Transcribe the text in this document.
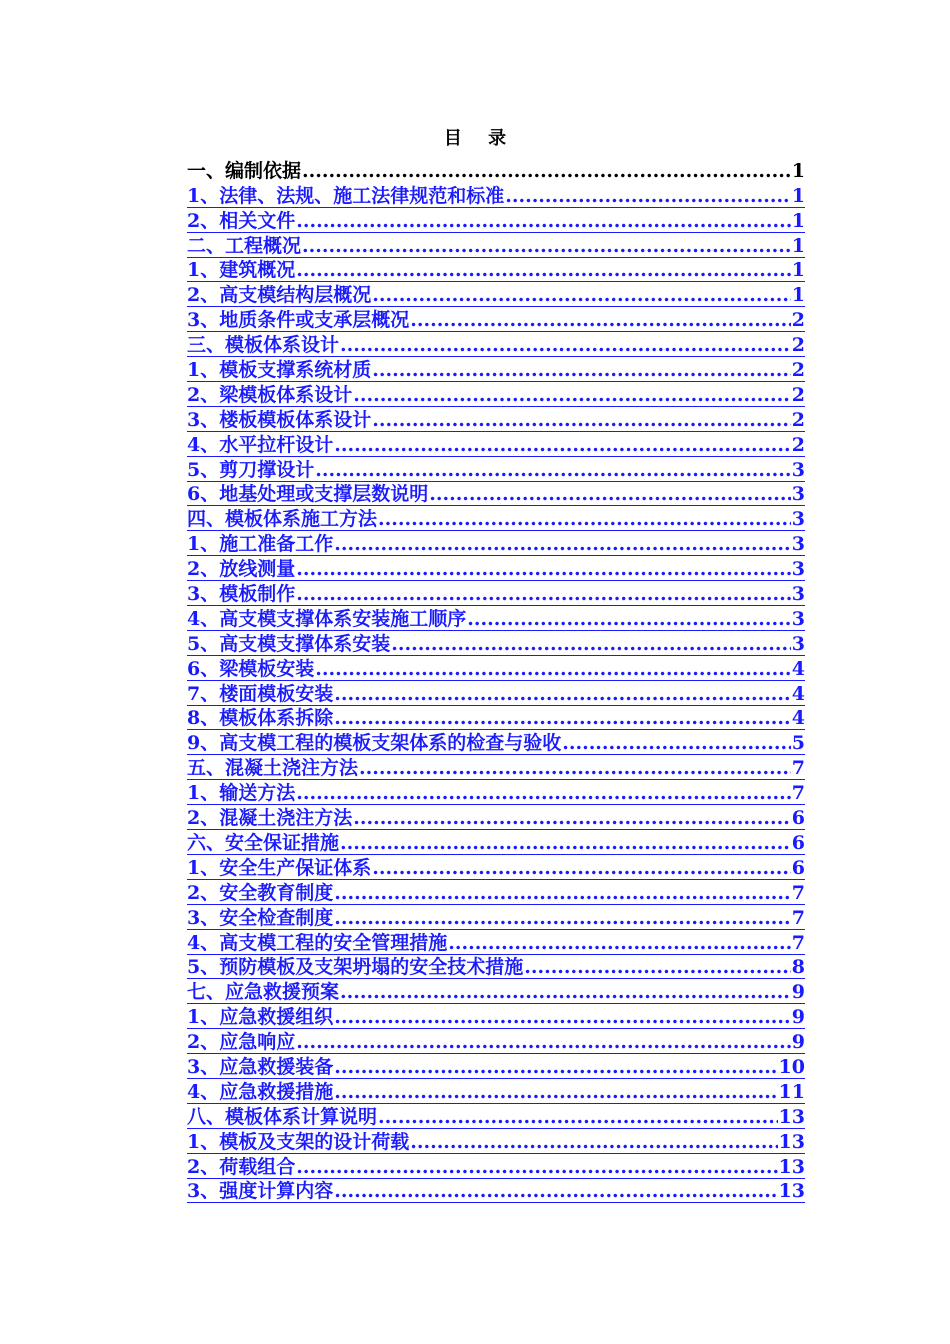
目 录
一、编制依据 .....	1
1、法律、法规、施工法律规范和标准 .....	1
2、相关文件 .....	1
二、工程概况 .....	1
1、建筑概况 .....	1
2、高支模结构层概况 .....	1
3、地质条件或支承层概况 .....	2
三、模板体系设计 .....	2
1、模板支撑系统材质 .....	2
2、梁模板体系设计 .....	2
3、楼板模板体系设计 .....	2
4、水平拉杆设计 .....	2
5、剪刀撑设计 .....	3
6、地基处理或支撑层数说明 .....	3
四、模板体系施工方法 .....	3
1、施工准备工作 .....	3
2、放线测量 .....	3
3、模板制作 .....	3
4、高支模支撑体系安装施工顺序 .....	3
5、高支模支撑体系安装 .....	3
6、梁模板安装 .....	4
7、楼面模板安装 .....	4
8、模板体系拆除 .....	4
9、高支模工程的模板支架体系的检查与验收 .....	5
五、混凝土浇注方法 .....	7
1、输送方法 .....	7
2、混凝土浇注方法 .....	6
六、安全保证措施 .....	6
1、安全生产保证体系 .....	6
2、安全教育制度 .....	7
3、安全检查制度 .....	7
4、高支模工程的安全管理措施 .....	7
5、预防模板及支架坍塌的安全技术措施 .....	8
七、应急救援预案 .....	9
1、应急救援组织 .....	9
2、应急响应 .....	9
3、应急救援装备 .....	10
4、应急救援措施 .....	11
八、模板体系计算说明 .....	13
1、模板及支架的设计荷载 .....	13
2、荷载组合 .....	13
3、强度计算内容 .....	13
